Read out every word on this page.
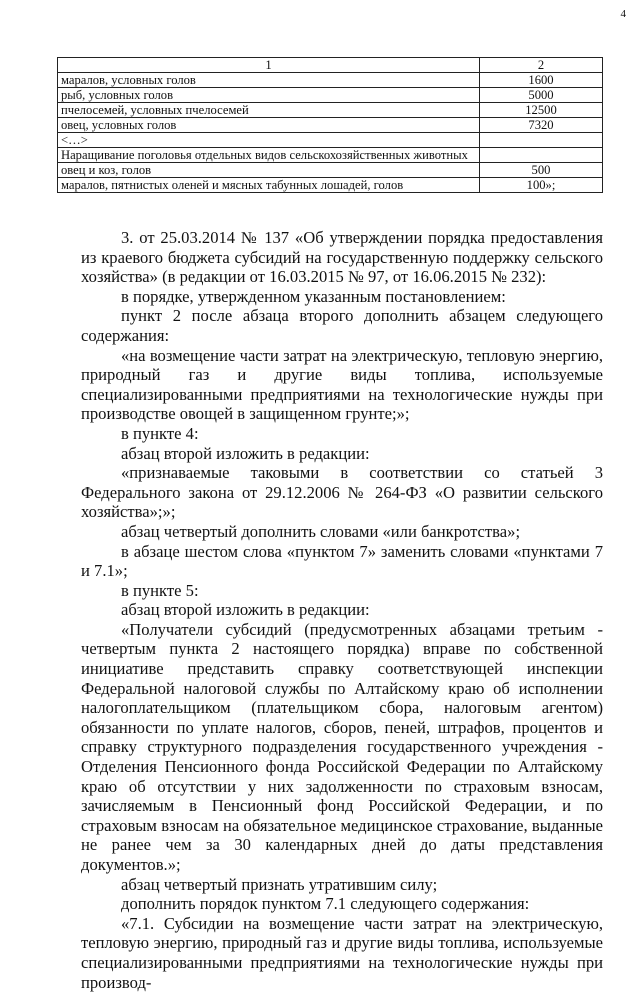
4
1	2
маралов, условных голов	1600
рыб, условных голов	5000
пчелосемей, условных пчелосемей	12500
овец, условных голов	7320
<…>	
Наращивание поголовья отдельных видов сельскохозяйственных животных	
овец и коз, голов	500
маралов, пятнистых оленей и мясных табунных лошадей, голов	100»;

3. от 25.03.2014 № 137 «Об утверждении порядка предоставления из краевого бюджета субсидий на государственную поддержку сельского хозяйства» (в редакции от 16.03.2015 № 97, от 16.06.2015 № 232):

в порядке, утвержденном указанным постановлением:

пункт 2 после абзаца второго дополнить абзацем следующего содержания:

«на возмещение части затрат на электрическую, тепловую энергию, природный газ и другие виды топлива, используемые специализированными предприятиями на технологические нужды при производстве овощей в защищенном грунте;»;

в пункте 4:

абзац второй изложить в редакции:

«признаваемые таковыми в соответствии со статьей 3 Федерального закона от 29.12.2006 № 264-ФЗ «О развитии сельского хозяйства»;»;

абзац четвертый дополнить словами «или банкротства»;

в абзаце шестом слова «пунктом 7» заменить словами «пунктами 7 и 7.1»;

в пункте 5:

абзац второй изложить в редакции:

«Получатели субсидий (предусмотренных абзацами третьим - четвертым пункта 2 настоящего порядка) вправе по собственной инициативе представить справку соответствующей инспекции Федеральной налоговой службы по Алтайскому краю об исполнении налогоплательщиком (плательщиком сбора, налоговым агентом) обязанности по уплате налогов, сборов, пеней, штрафов, процентов и справку структурного подразделения государственного учреждения - Отделения Пенсионного фонда Российской Федерации по Алтайскому краю об отсутствии у них задолженности по страховым взносам, зачисляемым в Пенсионный фонд Российской Федерации, и по страховым взносам на обязательное медицинское страхование, выданные не ранее чем за 30 календарных дней до даты представления документов.»;

абзац четвертый признать утратившим силу;

дополнить порядок пунктом 7.1 следующего содержания:

«7.1. Субсидии на возмещение части затрат на электрическую, тепловую энергию, природный газ и другие виды топлива, используемые специализированными предприятиями на технологические нужды при производ-
